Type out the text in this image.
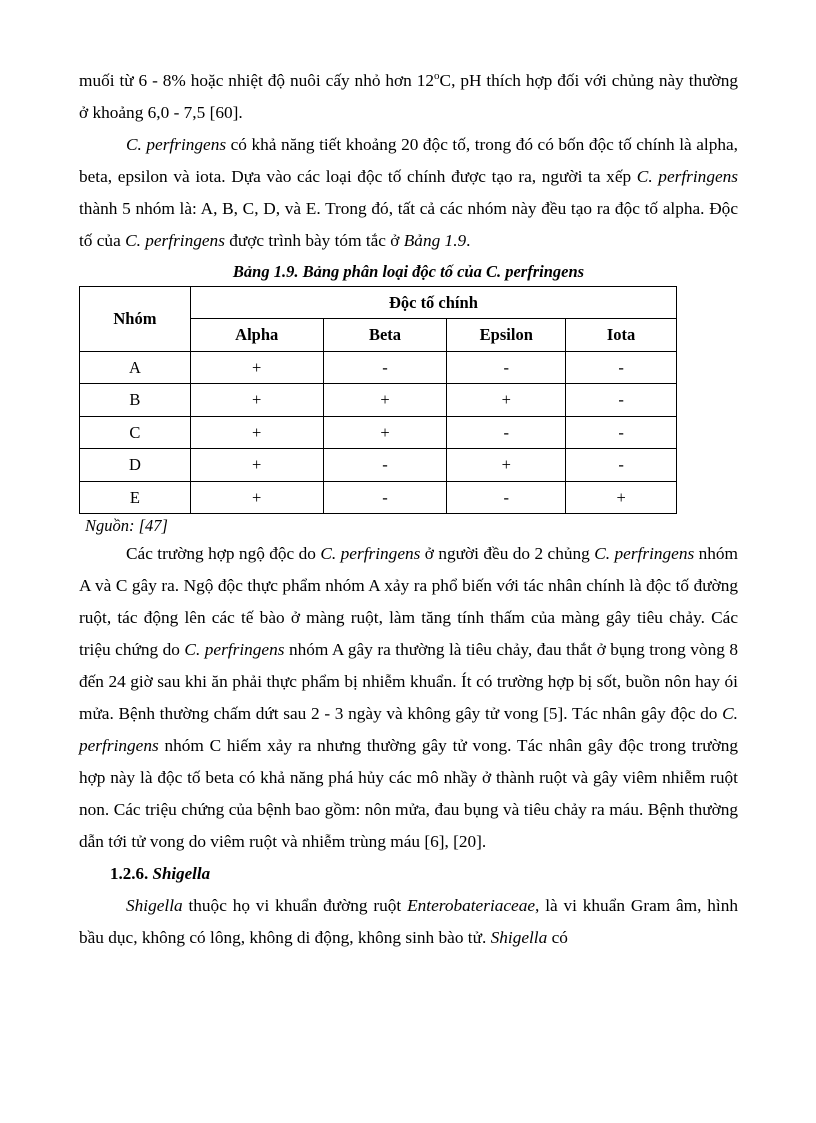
muối từ 6 - 8% hoặc nhiệt độ nuôi cấy nhỏ hơn 12$^o$C, pH thích hợp đối với chủng này thường ở khoảng 6,0 - 7,5 [60].

C. perfringens có khả năng tiết khoảng 20 độc tố, trong đó có bốn độc tố chính là alpha, beta, epsilon và iota. Dựa vào các loại độc tố chính được tạo ra, người ta xếp C. perfringens thành 5 nhóm là: A, B, C, D, và E. Trong đó, tất cả các nhóm này đều tạo ra độc tố alpha. Độc tố của C. perfringens được trình bày tóm tắc ở Bảng 1.9.

Bảng 1.9. Bảng phân loại độc tố của C. perfringens

Nhóm	Độc tố chính			
	Alpha	Beta	Epsilon	Iota
A	+	-	-	-
B	+	+	+	-
C	+	+	-	-
D	+	-	+	-
E	+	-	-	+

Nguồn: [47]

Các trường hợp ngộ độc do C. perfringens ở người đều do 2 chủng C. perfringens nhóm A và C gây ra. Ngộ độc thực phẩm nhóm A xảy ra phổ biến với tác nhân chính là độc tố đường ruột, tác động lên các tế bào ở màng ruột, làm tăng tính thấm của màng gây tiêu chảy. Các triệu chứng do C. perfringens nhóm A gây ra thường là tiêu chảy, đau thắt ở bụng trong vòng 8 đến 24 giờ sau khi ăn phải thực phẩm bị nhiễm khuẩn. Ít có trường hợp bị sốt, buồn nôn hay ói mửa. Bệnh thường chấm dứt sau 2 - 3 ngày và không gây tử vong [5]. Tác nhân gây độc do C. perfringens nhóm C hiếm xảy ra nhưng thường gây tử vong. Tác nhân gây độc trong trường hợp này là độc tố beta có khả năng phá hủy các mô nhầy ở thành ruột và gây viêm nhiễm ruột non. Các triệu chứng của bệnh bao gồm: nôn mửa, đau bụng và tiêu chảy ra máu. Bệnh thường dẫn tới tử vong do viêm ruột và nhiễm trùng máu [6], [20].

1.2.6. Shigella

Shigella thuộc họ vi khuẩn đường ruột Enterobateriaceae, là vi khuẩn Gram âm, hình bầu dục, không có lông, không di động, không sinh bào tử. Shigella có
